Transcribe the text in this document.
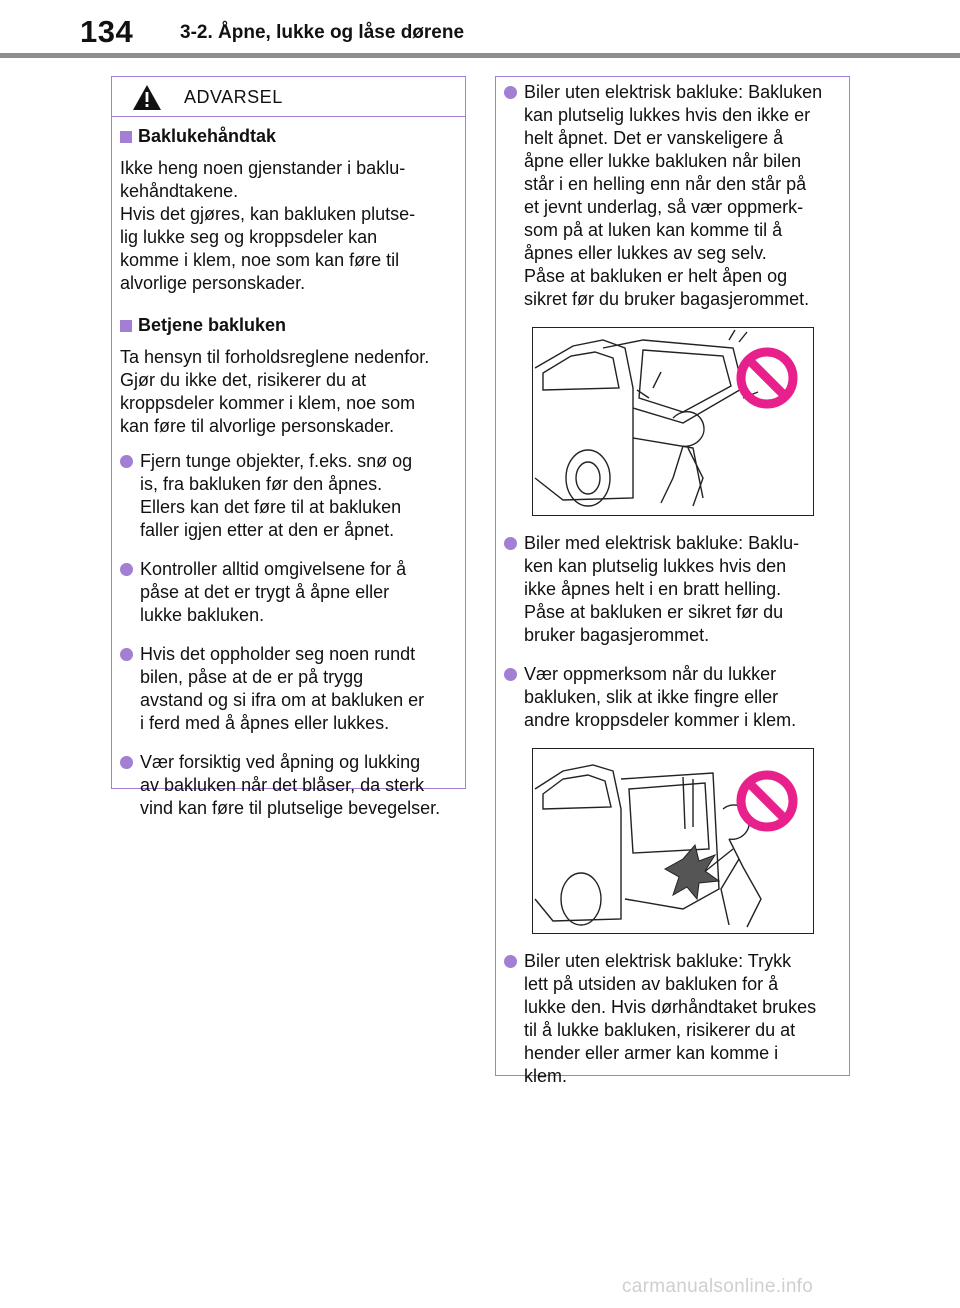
134 3-2. Åpne, lukke og låse dørene
ADVARSEL
Baklukehåndtak
Ikke heng noen gjenstander i baklu-
kehåndtakene.
Hvis det gjøres, kan bakluken plutse-
lig lukke seg og kroppsdeler kan
komme i klem, noe som kan føre til
alvorlige personskader.
Betjene bakluken
Ta hensyn til forholdsreglene nedenfor.
Gjør du ikke det, risikerer du at
kroppsdeler kommer i klem, noe som
kan føre til alvorlige personskader.
Fjern tunge objekter, f.eks. snø og
is, fra bakluken før den åpnes.
Ellers kan det føre til at bakluken
faller igjen etter at den er åpnet.
Kontroller alltid omgivelsene for å
påse at det er trygt å åpne eller
lukke bakluken.
Hvis det oppholder seg noen rundt
bilen, påse at de er på trygg
avstand og si ifra om at bakluken er
i ferd med å åpnes eller lukkes.
Vær forsiktig ved åpning og lukking
av bakluken når det blåser, da sterk
vind kan føre til plutselige bevegelser.
Biler uten elektrisk bakluke: Bakluken
kan plutselig lukkes hvis den ikke er
helt åpnet. Det er vanskeligere å
åpne eller lukke bakluken når bilen
står i en helling enn når den står på
et jevnt underlag, så vær oppmerk-
som på at luken kan komme til å
åpnes eller lukkes av seg selv.
Påse at bakluken er helt åpen og
sikret før du bruker bagasjerommet.
Biler med elektrisk bakluke: Baklu-
ken kan plutselig lukkes hvis den
ikke åpnes helt i en bratt helling.
Påse at bakluken er sikret før du
bruker bagasjerommet.
Vær oppmerksom når du lukker
bakluken, slik at ikke fingre eller
andre kroppsdeler kommer i klem.
Biler uten elektrisk bakluke: Trykk
lett på utsiden av bakluken for å
lukke den. Hvis dørhåndtaket brukes
til å lukke bakluken, risikerer du at
hender eller armer kan komme i
klem.
carmanualsonline.info
